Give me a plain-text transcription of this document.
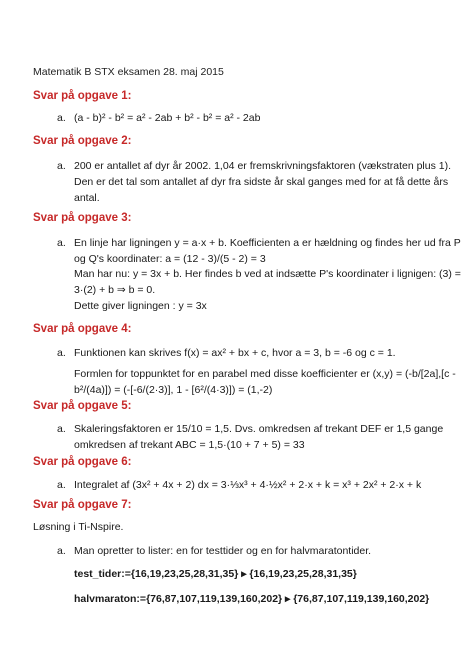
Matematik B STX eksamen 28. maj 2015
Svar på opgave 1:
a. (a - b)² - b² = a² - 2ab + b² - b² = a² - 2ab
Svar på opgave 2:
a. 200 er antallet af dyr år 2002. 1,04 er fremskrivningsfaktoren (vækstraten plus 1).
Den er det tal som antallet af dyr fra sidste år skal ganges med for at få dette års
antal.
Svar på opgave 3:
a. En linje har ligningen y = a·x + b. Koefficienten a er hældning og findes her ud fra P
og Q's koordinater: a = (12 - 3)/(5 - 2) = 3
Man har nu: y = 3x + b. Her findes b ved at indsætte P's koordinater i lignigen: (3) =
3·(2) + b ⇒ b = 0.
Dette giver ligningen : y = 3x
Svar på opgave 4:
a. Funktionen kan skrives f(x) = ax² + bx + c, hvor a = 3, b = -6 og c = 1.
Formlen for toppunktet for en parabel med disse koefficienter er (x,y) = (-b/[2a],[c -
b²/(4a)]) = (-[-6/(2·3)], 1 - [6²/(4·3)]) = (1,-2)
Svar på opgave 5:
a. Skaleringsfaktoren er 15/10 = 1,5. Dvs. omkredsen af trekant DEF er 1,5 gange
omkredsen af trekant ABC = 1,5·(10 + 7 + 5) = 33
Svar på opgave 6:
a. Integralet af (3x² + 4x + 2) dx = 3·⅓x³ + 4·½x² + 2·x + k = x³ + 2x² + 2·x + k
Svar på opgave 7:
Løsning i Ti-Nspire.
a. Man opretter to lister: en for testtider og en for halvmaratontider.
test_tider:={16,19,23,25,28,31,35} ▸ {16,19,23,25,28,31,35}
halvmaraton:={76,87,107,119,139,160,202} ▸ {76,87,107,119,139,160,202}
